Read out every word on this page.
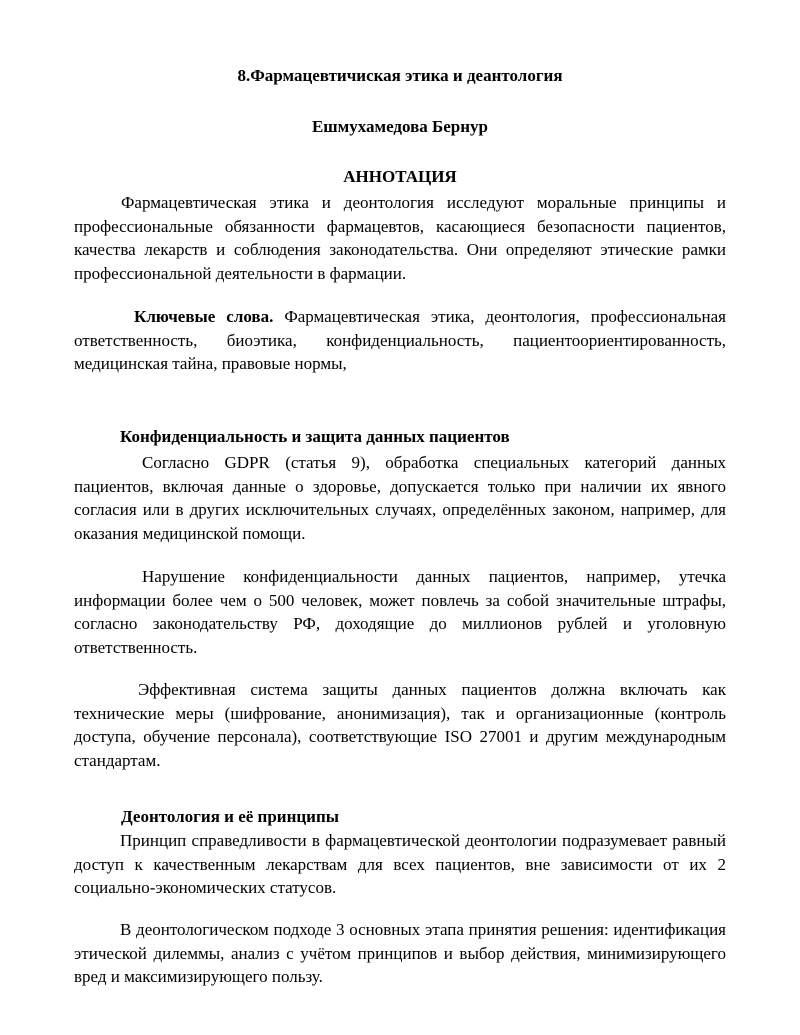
8.Фармацевтичиская этика и деантология
Ешмухамедова Бернур
АННОТАЦИЯ

Фармацевтическая этика и деонтология исследуют моральные принципы и профессиональные обязанности фармацевтов, касающиеся безопасности пациентов, качества лекарств и соблюдения законодательства. Они определяют этические рамки профессиональной деятельности в фармации.

Ключевые слова. Фармацевтическая этика, деонтология, профессиональная ответственность, биоэтика, конфиденциальность, пациентоориентированность, медицинская тайна, правовые нормы,

Конфиденциальность и защита данных пациентов

Согласно GDPR (статья 9), обработка специальных категорий данных пациентов, включая данные о здоровье, допускается только при наличии их явного согласия или в других исключительных случаях, определённых законом, например, для оказания медицинской помощи.

Нарушение конфиденциальности данных пациентов, например, утечка информации более чем о 500 человек, может повлечь за собой значительные штрафы, согласно законодательству РФ, доходящие до миллионов рублей и уголовную ответственность.

Эффективная система защиты данных пациентов должна включать как технические меры (шифрование, анонимизация), так и организационные (контроль доступа, обучение персонала), соответствующие ISO 27001 и другим международным стандартам.

Деонтология и её принципы

Принцип справедливости в фармацевтической деонтологии подразумевает равный доступ к качественным лекарствам для всех пациентов, вне зависимости от их 2 социально-экономических статусов.

В деонтологическом подходе 3 основных этапа принятия решения: идентификация этической дилеммы, анализ с учётом принципов и выбор действия, минимизирующего вред и максимизирующего пользу.
